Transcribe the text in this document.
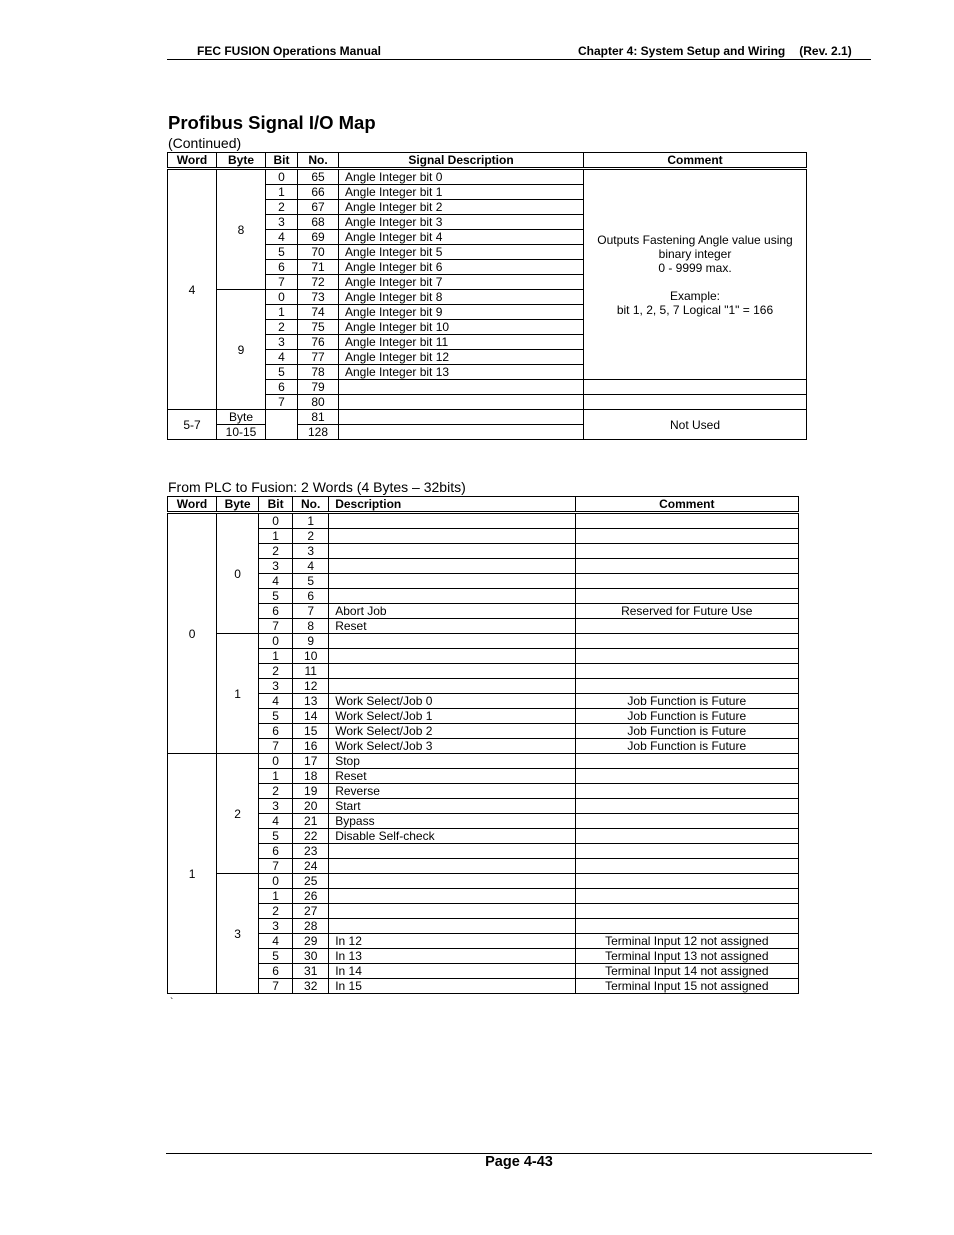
FEC FUSION Operations Manual	Chapter 4: System Setup and Wiring (Rev. 2.1)
Profibus Signal I/O Map
(Continued)
Word	Byte	Bit	No.	Signal Description	Comment

4	8	0	65	Angle Integer bit 0	Outputs Fastening Angle value using
binary integer
0 - 9999 max.
Example:
bit 1, 2, 5, 7 Logical "1" = 166

		1	66	Angle Integer bit 1	
		2	67	Angle Integer bit 2	
		3	68	Angle Integer bit 3	
		4	69	Angle Integer bit 4	
		5	70	Angle Integer bit 5	
		6	71	Angle Integer bit 6	
		7	72	Angle Integer bit 7	
	9	0	73	Angle Integer bit 8	
		1	74	Angle Integer bit 9	
		2	75	Angle Integer bit 10	
		3	76	Angle Integer bit 11	
		4	77	Angle Integer bit 12	
		5	78	Angle Integer bit 13	
		6	79		
		7	80		
5-7	Byte		81		Not Used
	10-15		128		
From PLC to Fusion: 2 Words (4 Bytes – 32bits)
Word	Byte	Bit	No.	Description	Comment

0	0	0	1		
		1	2		
		2	3		
		3	4		
		4	5		
		5	6		
		6	7	Abort Job	Reserved for Future Use
		7	8	Reset	
	1	0	9		
		1	10		
		2	11		
		3	12		
		4	13	Work Select/Job 0	Job Function is Future
		5	14	Work Select/Job 1	Job Function is Future
		6	15	Work Select/Job 2	Job Function is Future
		7	16	Work Select/Job 3	Job Function is Future
1	2	0	17	Stop	
		1	18	Reset	
		2	19	Reverse	
		3	20	Start	
		4	21	Bypass	
		5	22	Disable Self-check	
		6	23		
		7	24		
	3	0	25		
		1	26		
		2	27		
		3	28		
		4	29	In 12	Terminal Input 12 not assigned
		5	30	In 13	Terminal Input 13 not assigned
		6	31	In 14	Terminal Input 14 not assigned
		7	32	In 15	Terminal Input 15 not assigned
`
Page 4-43
